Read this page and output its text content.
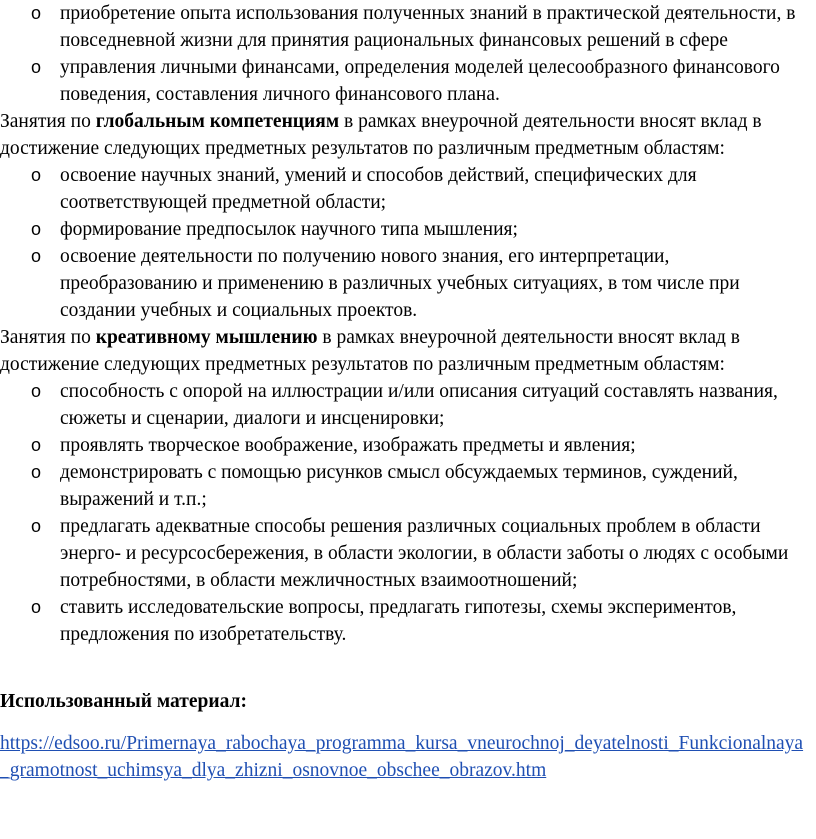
o приобретение опыта использования полученных знаний в практической деятельности, в повседневной жизни для принятия рациональных финансовых решений в сфере
o управления личными финансами, определения моделей целесообразного финансового поведения, составления личного финансового плана.

Занятия по глобальным компетенциям в рамках внеурочной деятельности вносят вклад в достижение следующих предметных результатов по различным предметным областям:

o освоение научных знаний, умений и способов действий, специфических для соответствующей предметной области;
o формирование предпосылок научного типа мышления;
o освоение деятельности по получению нового знания, его интерпретации, преобразованию и применению в различных учебных ситуациях, в том числе при создании учебных и социальных проектов.

Занятия по креативному мышлению в рамках внеурочной деятельности вносят вклад в достижение следующих предметных результатов по различным предметным областям:

o способность с опорой на иллюстрации и/или описания ситуаций составлять названия, сюжеты и сценарии, диалоги и инсценировки;
o проявлять творческое воображение, изображать предметы и явления;
o демонстрировать с помощью рисунков смысл обсуждаемых терминов, суждений, выражений и т.п.;
o предлагать адекватные способы решения различных социальных проблем в области энерго- и ресурсосбережения, в области экологии, в области заботы о людях с особыми потребностями, в области межличностных взаимоотношений;
o ставить исследовательские вопросы, предлагать гипотезы, схемы экспериментов, предложения по изобретательству.

Использованный материал:

https://edsoo.ru/Primernaya_rabochaya_programma_kursa_vneurochnoj_deyatelnosti_Funkcionalnaya_gramotnost_uchimsya_dlya_zhizni_osnovnoe_obschee_obrazov.htm
